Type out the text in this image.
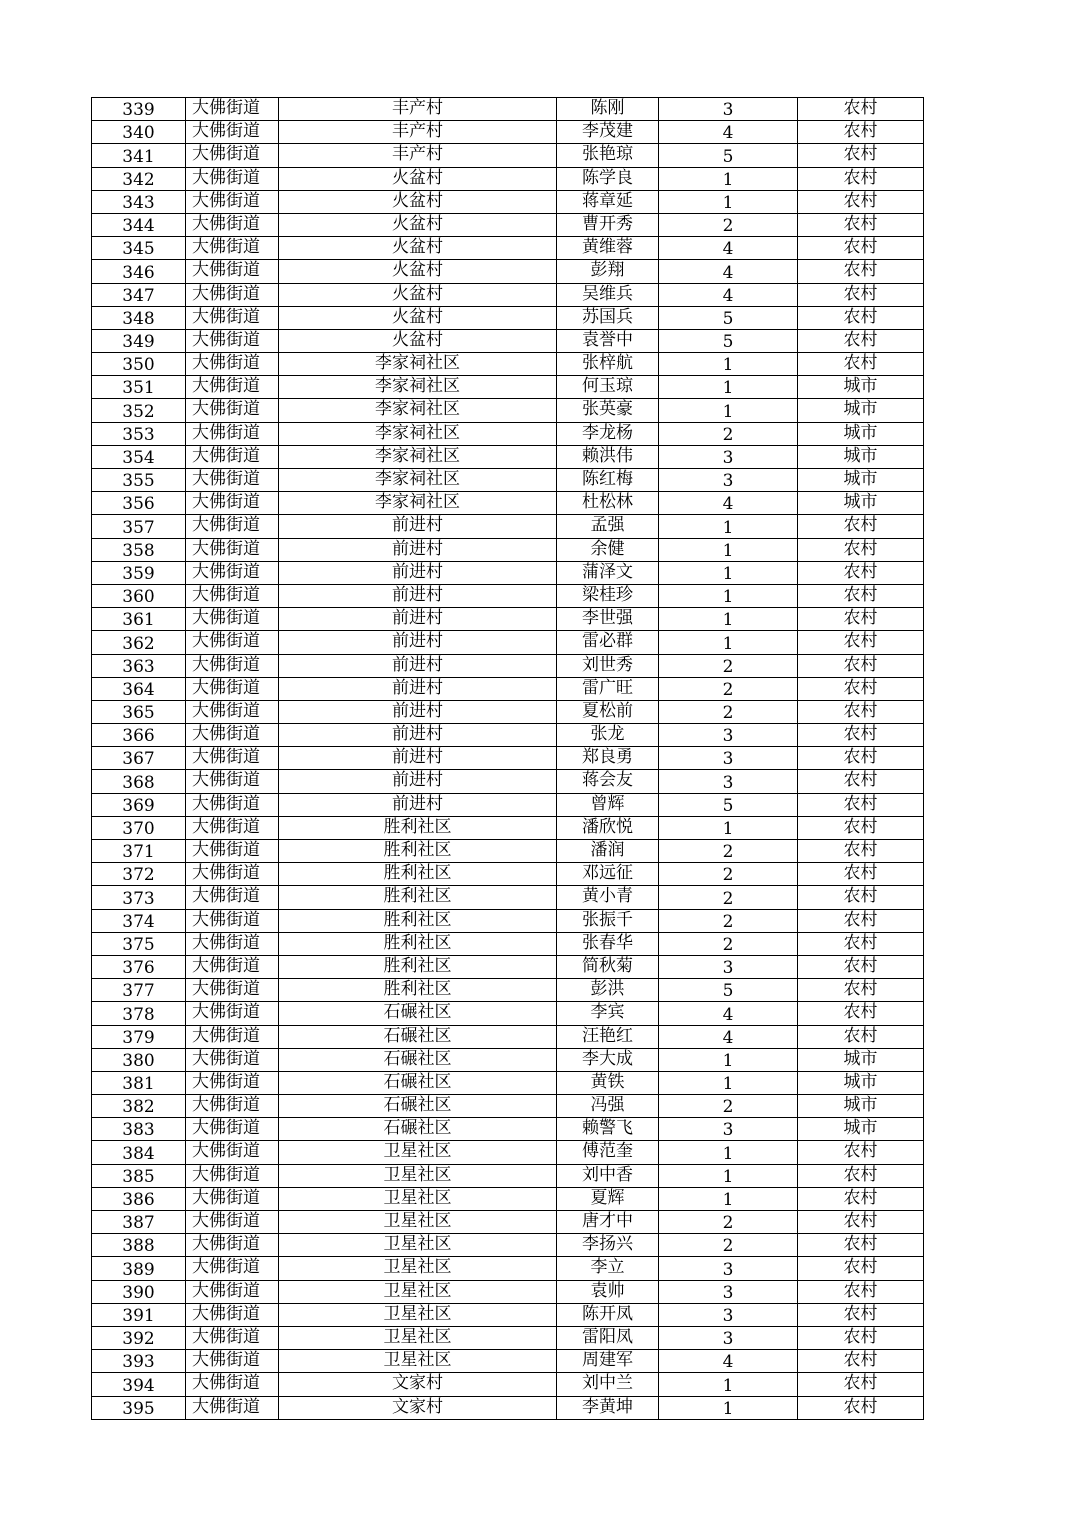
339	大佛街道	丰产村	陈刚	3	农村
340	大佛街道	丰产村	李茂建	4	农村
341	大佛街道	丰产村	张艳琼	5	农村
342	大佛街道	火盆村	陈学良	1	农村
343	大佛街道	火盆村	蒋章延	1	农村
344	大佛街道	火盆村	曹开秀	2	农村
345	大佛街道	火盆村	黄维蓉	4	农村
346	大佛街道	火盆村	彭翔	4	农村
347	大佛街道	火盆村	吴维兵	4	农村
348	大佛街道	火盆村	苏国兵	5	农村
349	大佛街道	火盆村	袁誉中	5	农村
350	大佛街道	李家祠社区	张梓航	1	农村
351	大佛街道	李家祠社区	何玉琼	1	城市
352	大佛街道	李家祠社区	张英豪	1	城市
353	大佛街道	李家祠社区	李龙杨	2	城市
354	大佛街道	李家祠社区	赖洪伟	3	城市
355	大佛街道	李家祠社区	陈红梅	3	城市
356	大佛街道	李家祠社区	杜松林	4	城市
357	大佛街道	前进村	孟强	1	农村
358	大佛街道	前进村	余健	1	农村
359	大佛街道	前进村	蒲泽文	1	农村
360	大佛街道	前进村	梁桂珍	1	农村
361	大佛街道	前进村	李世强	1	农村
362	大佛街道	前进村	雷必群	1	农村
363	大佛街道	前进村	刘世秀	2	农村
364	大佛街道	前进村	雷广旺	2	农村
365	大佛街道	前进村	夏松前	2	农村
366	大佛街道	前进村	张龙	3	农村
367	大佛街道	前进村	郑良勇	3	农村
368	大佛街道	前进村	蒋会友	3	农村
369	大佛街道	前进村	曾辉	5	农村
370	大佛街道	胜利社区	潘欣悦	1	农村
371	大佛街道	胜利社区	潘润	2	农村
372	大佛街道	胜利社区	邓远征	2	农村
373	大佛街道	胜利社区	黄小青	2	农村
374	大佛街道	胜利社区	张振千	2	农村
375	大佛街道	胜利社区	张春华	2	农村
376	大佛街道	胜利社区	简秋菊	3	农村
377	大佛街道	胜利社区	彭洪	5	农村
378	大佛街道	石碾社区	李宾	4	农村
379	大佛街道	石碾社区	汪艳红	4	农村
380	大佛街道	石碾社区	李大成	1	城市
381	大佛街道	石碾社区	黄铁	1	城市
382	大佛街道	石碾社区	冯强	2	城市
383	大佛街道	石碾社区	赖警飞	3	城市
384	大佛街道	卫星社区	傅范奎	1	农村
385	大佛街道	卫星社区	刘中香	1	农村
386	大佛街道	卫星社区	夏辉	1	农村
387	大佛街道	卫星社区	唐才中	2	农村
388	大佛街道	卫星社区	李扬兴	2	农村
389	大佛街道	卫星社区	李立	3	农村
390	大佛街道	卫星社区	袁帅	3	农村
391	大佛街道	卫星社区	陈开凤	3	农村
392	大佛街道	卫星社区	雷阳凤	3	农村
393	大佛街道	卫星社区	周建军	4	农村
394	大佛街道	文家村	刘中兰	1	农村
395	大佛街道	文家村	李黄坤	1	农村
